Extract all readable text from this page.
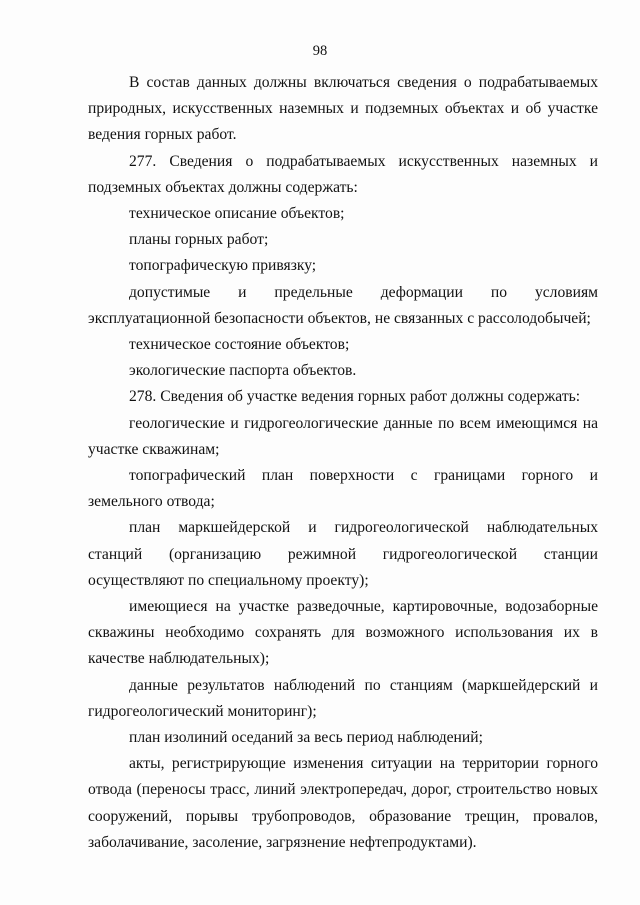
98

В состав данных должны включаться сведения о подрабатываемых природных, искусственных наземных и подземных объектах и об участке ведения горных работ.

277. Сведения о подрабатываемых искусственных наземных и подземных объектах должны содержать:

техническое описание объектов;

планы горных работ;

топографическую привязку;

допустимые и предельные деформации по условиям эксплуатационной безопасности объектов, не связанных с рассолодобычей;

техническое состояние объектов;

экологические паспорта объектов.

278. Сведения об участке ведения горных работ должны содержать:

геологические и гидрогеологические данные по всем имеющимся на участке скважинам;

топографический план поверхности с границами горного и земельного отвода;

план маркшейдерской и гидрогеологической наблюдательных станций (организацию режимной гидрогеологической станции осуществляют по специальному проекту);

имеющиеся на участке разведочные, картировочные, водозаборные скважины необходимо сохранять для возможного использования их в качестве наблюдательных);

данные результатов наблюдений по станциям (маркшейдерский и гидрогеологический мониторинг);

план изолиний оседаний за весь период наблюдений;

акты, регистрирующие изменения ситуации на территории горного отвода (переносы трасс, линий электропередач, дорог, строительство новых сооружений, порывы трубопроводов, образование трещин, провалов, заболачивание, засоление, загрязнение нефтепродуктами).
